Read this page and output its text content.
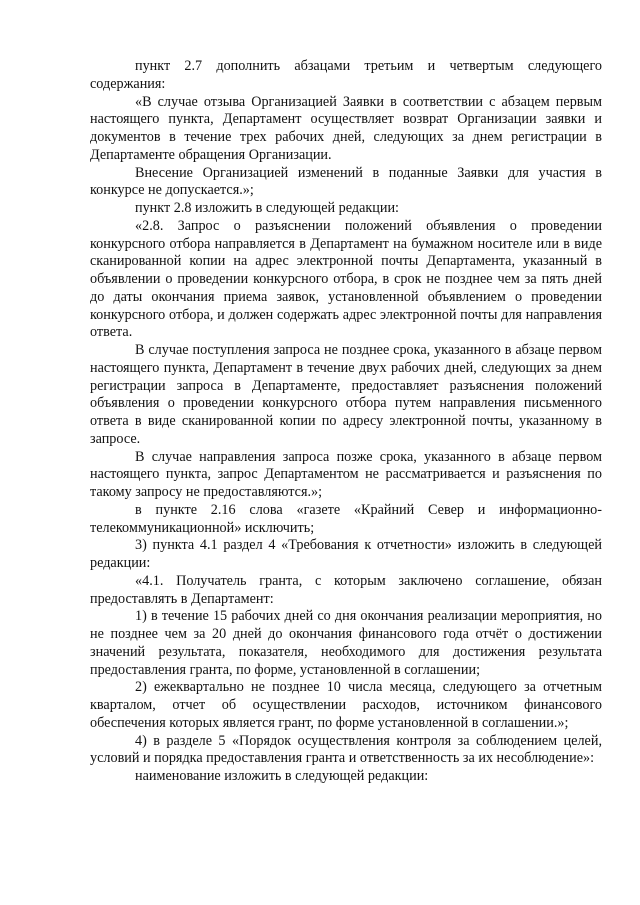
пункт 2.7 дополнить абзацами третьим и четвертым следующего содержания:

«В случае отзыва Организацией Заявки в соответствии с абзацем первым настоящего пункта, Департамент осуществляет возврат Организации заявки и документов в течение трех рабочих дней, следующих за днем регистрации в Департаменте обращения Организации.

Внесение Организацией изменений в поданные Заявки для участия в конкурсе не допускается.»;

пункт 2.8 изложить в следующей редакции:

«2.8. Запрос о разъяснении положений объявления о проведении конкурсного отбора направляется в Департамент на бумажном носителе или в виде сканированной копии на адрес электронной почты Департамента, указанный в объявлении о проведении конкурсного отбора, в срок не позднее чем за пять дней до даты окончания приема заявок, установленной объявлением о проведении конкурсного отбора, и должен содержать адрес электронной почты для направления ответа.

В случае поступления запроса не позднее срока, указанного в абзаце первом настоящего пункта, Департамент в течение двух рабочих дней, следующих за днем регистрации запроса в Департаменте, предоставляет разъяснения положений объявления о проведении конкурсного отбора путем направления письменного ответа в виде сканированной копии по адресу электронной почты, указанному в запросе.

В случае направления запроса позже срока, указанного в абзаце первом настоящего пункта, запрос Департаментом не рассматривается и разъяснения по такому запросу не предоставляются.»;

в пункте 2.16 слова «газете «Крайний Север и информационно-телекоммуникационной» исключить;

3) пункта 4.1 раздел 4 «Требования к отчетности» изложить в следующей редакции:

«4.1. Получатель гранта, с которым заключено соглашение, обязан предоставлять в Департамент:

1) в течение 15 рабочих дней со дня окончания реализации мероприятия, но не позднее чем за 20 дней до окончания финансового года отчёт о достижении значений результата, показателя, необходимого для достижения результата предоставления гранта, по форме, установленной в соглашении;

2) ежеквартально не позднее 10 числа месяца, следующего за отчетным кварталом, отчет об осуществлении расходов, источником финансового обеспечения которых является грант, по форме установленной в соглашении.»;

4) в разделе 5 «Порядок осуществления контроля за соблюдением целей, условий и порядка предоставления гранта и ответственность за их несоблюдение»:

наименование изложить в следующей редакции:
